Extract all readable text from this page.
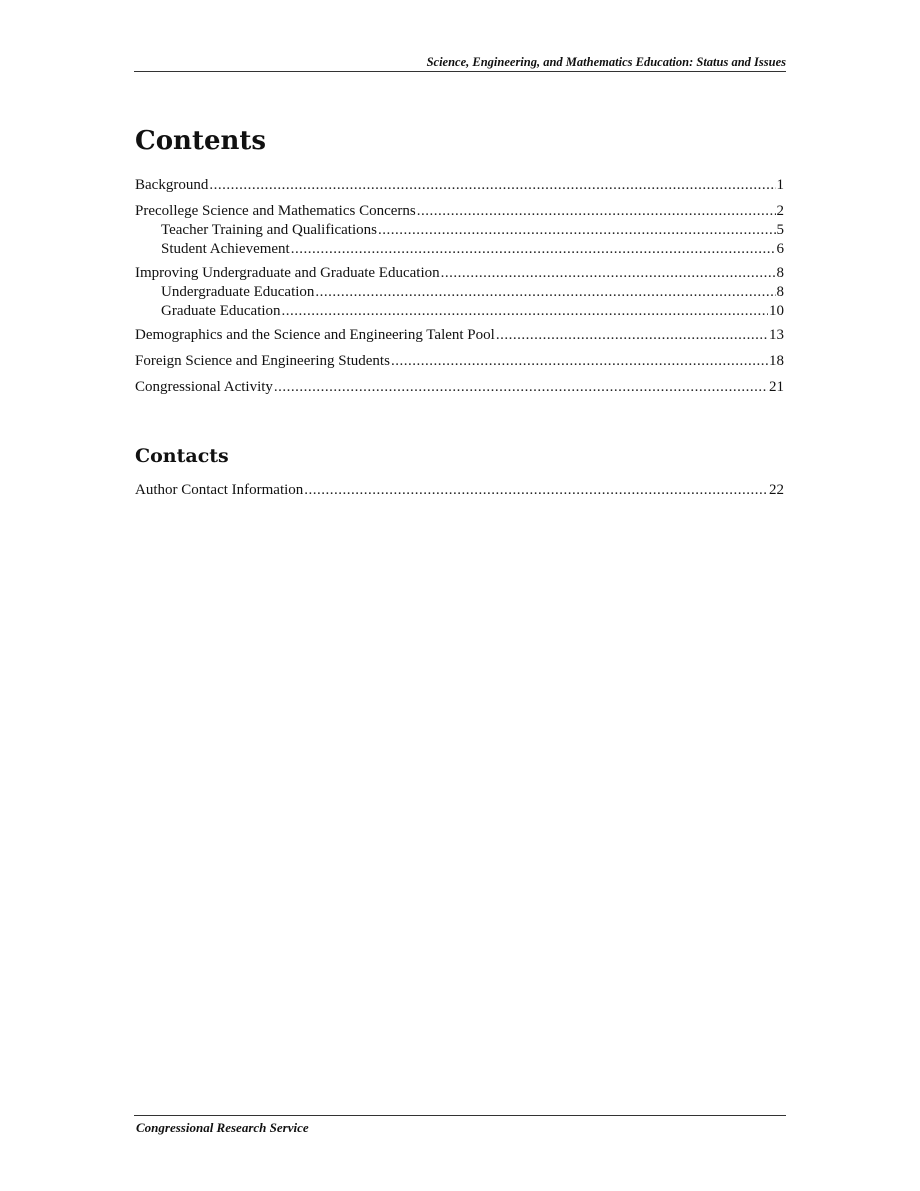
Science, Engineering, and Mathematics Education: Status and Issues
Contents
Background .....	1
Precollege Science and Mathematics Concerns .....	2
Teacher Training and Qualifications .....	5
Student Achievement .....	6
Improving Undergraduate and Graduate Education .....	8
Undergraduate Education .....	8
Graduate Education .....	10
Demographics and the Science and Engineering Talent Pool .....	13
Foreign Science and Engineering Students .....	18
Congressional Activity .....	21
Contacts
Author Contact Information .....	22
Congressional Research Service
